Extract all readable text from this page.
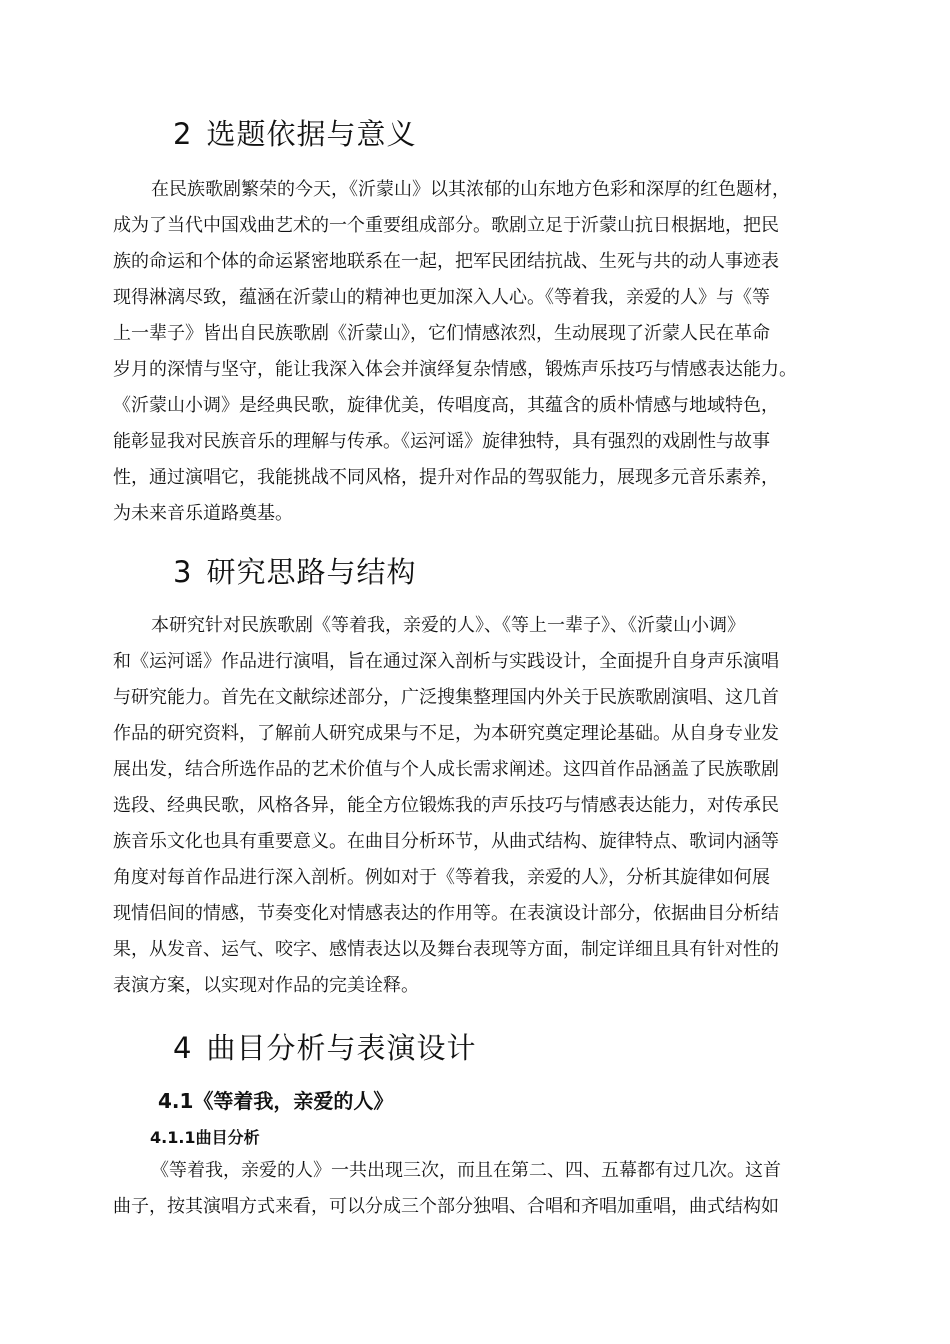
2 选题依据与意义
在民族歌剧繁荣的今天，《沂蒙山》以其浓郁的山东地方色彩和深厚的红色题材，
成为了当代中国戏曲艺术的一个重要组成部分。歌剧立足于沂蒙山抗日根据地，把民
族的命运和个体的命运紧密地联系在一起，把军民团结抗战、生死与共的动人事迹表
现得淋漓尽致，蕴涵在沂蒙山的精神也更加深入人心。《等着我，亲爱的人》与《等
上一辈子》皆出自民族歌剧《沂蒙山》，它们情感浓烈，生动展现了沂蒙人民在革命
岁月的深情与坚守，能让我深入体会并演绎复杂情感，锻炼声乐技巧与情感表达能力。
《沂蒙山小调》是经典民歌，旋律优美，传唱度高，其蕴含的质朴情感与地域特色，
能彰显我对民族音乐的理解与传承。《运河谣》旋律独特，具有强烈的戏剧性与故事
性，通过演唱它，我能挑战不同风格，提升对作品的驾驭能力，展现多元音乐素养，
为未来音乐道路奠基。
3 研究思路与结构
本研究针对民族歌剧《等着我，亲爱的人》、《等上一辈子》、《沂蒙山小调》
和《运河谣》作品进行演唱，旨在通过深入剖析与实践设计，全面提升自身声乐演唱
与研究能力。首先在文献综述部分，广泛搜集整理国内外关于民族歌剧演唱、这几首
作品的研究资料，了解前人研究成果与不足，为本研究奠定理论基础。从自身专业发
展出发，结合所选作品的艺术价值与个人成长需求阐述。这四首作品涵盖了民族歌剧
选段、经典民歌，风格各异，能全方位锻炼我的声乐技巧与情感表达能力，对传承民
族音乐文化也具有重要意义。在曲目分析环节，从曲式结构、旋律特点、歌词内涵等
角度对每首作品进行深入剖析。例如对于《等着我，亲爱的人》，分析其旋律如何展
现情侣间的情感，节奏变化对情感表达的作用等。在表演设计部分，依据曲目分析结
果，从发音、运气、咬字、感情表达以及舞台表现等方面，制定详细且具有针对性的
表演方案，以实现对作品的完美诠释。
4 曲目分析与表演设计
4.1《等着我，亲爱的人》
4.1.1曲目分析
《等着我，亲爱的人》一共出现三次，而且在第二、四、五幕都有过几次。这首
曲子，按其演唱方式来看，可以分成三个部分独唱、合唱和齐唱加重唱，曲式结构如
